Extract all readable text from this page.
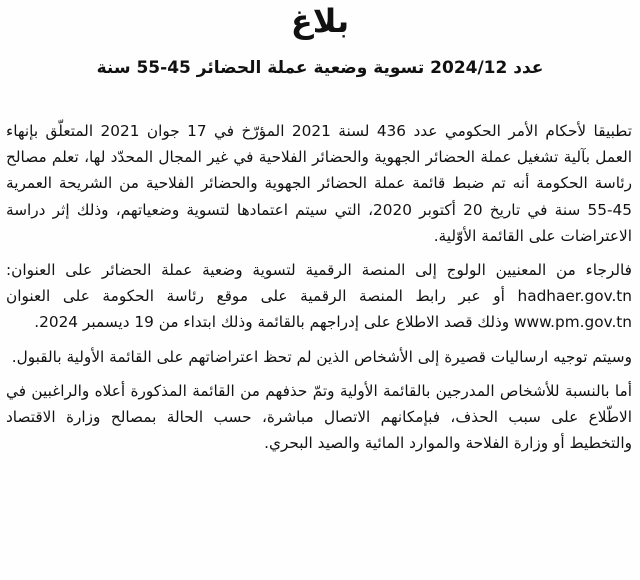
بلاغ
عدد 2024/12 تسوية وضعية عملة الحضائر 45-55 سنة

تطبيقا لأحكام الأمر الحكومي عدد 436 لسنة 2021 المؤرّخ في 17 جوان 2021 المتعلّق بإنهاء العمل بآلية تشغيل عملة الحضائر الجهوية والحضائر الفلاحية في غير المجال المحدّد لها، تعلم مصالح رئاسة الحكومة أنه تم ضبط قائمة عملة الحضائر الجهوية والحضائر الفلاحية من الشريحة العمرية 45-55 سنة في تاريخ 20 أكتوبر 2020، التي سيتم اعتمادها لتسوية وضعياتهم، وذلك إثر دراسة الاعتراضات على القائمة الأوّلية.

فالرجاء من المعنيين الولوج إلى المنصة الرقمية لتسوية وضعية عملة الحضائر على العنوان: hadhaer.gov.tn أو عبر رابط المنصة الرقمية على موقع رئاسة الحكومة على العنوان www.pm.gov.tn وذلك قصد الاطلاع على إدراجهم بالقائمة وذلك ابتداء من 19 ديسمبر 2024.

وسيتم توجيه ارساليات قصيرة إلى الأشخاص الذين لم تحظ اعتراضاتهم على القائمة الأولية بالقبول.

أما بالنسبة للأشخاص المدرجين بالقائمة الأولية وتمّ حذفهم من القائمة المذكورة أعلاه والراغبين في الاطّلاع على سبب الحذف، فبإمكانهم الاتصال مباشرة، حسب الحالة بمصالح وزارة الاقتصاد والتخطيط أو وزارة الفلاحة والموارد المائية والصيد البحري.
